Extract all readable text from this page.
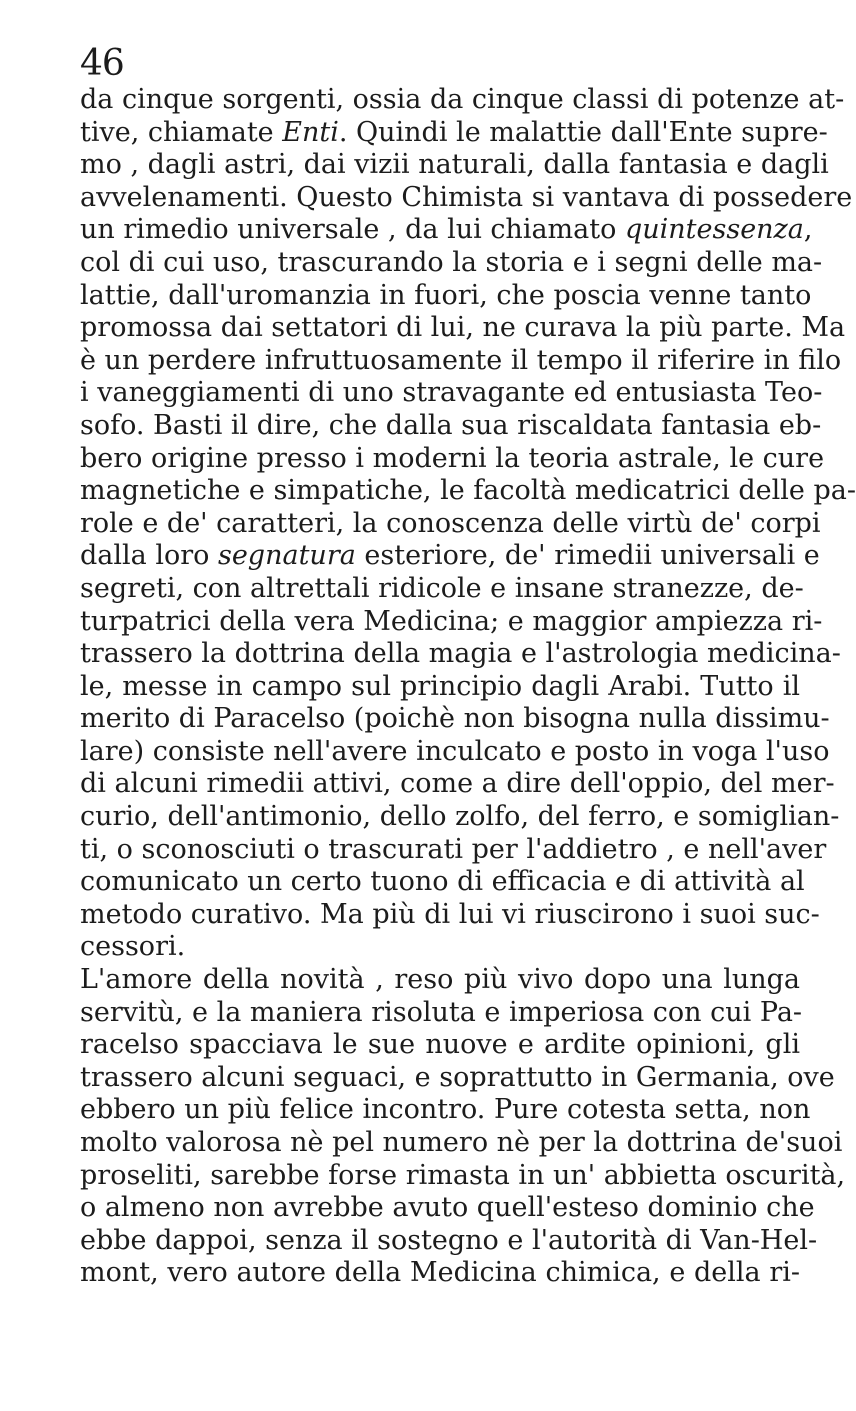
46
da cinque sorgenti, ossia da cinque classi di potenze at-
tive, chiamate Enti. Quindi le malattie dall'Ente supre-
mo , dagli astri, dai vizii naturali, dalla fantasia e dagli
avvelenamenti. Questo Chimista si vantava di possedere
un rimedio universale , da lui chiamato quintessenza,
col di cui uso, trascurando la storia e i segni delle ma-
lattie, dall'uromanzia in fuori, che poscia venne tanto
promossa dai settatori di lui, ne curava la più parte. Ma
è un perdere infruttuosamente il tempo il riferire in filo
i vaneggiamenti di uno stravagante ed entusiasta Teo-
sofo. Basti il dire, che dalla sua riscaldata fantasia eb-
bero origine presso i moderni la teoria astrale, le cure
magnetiche e simpatiche, le facoltà medicatrici delle pa-
role e de' caratteri, la conoscenza delle virtù de' corpi
dalla loro segnatura esteriore, de' rimedii universali e
segreti, con altrettali ridicole e insane stranezze, de-
turpatrici della vera Medicina; e maggior ampiezza ri-
trassero la dottrina della magia e l'astrologia medicina-
le, messe in campo sul principio dagli Arabi. Tutto il
merito di Paracelso (poichè non bisogna nulla dissimu-
lare) consiste nell'avere inculcato e posto in voga l'uso
di alcuni rimedii attivi, come a dire dell'oppio, del mer-
curio, dell'antimonio, dello zolfo, del ferro, e somiglian-
ti, o sconosciuti o trascurati per l'addietro , e nell'aver
comunicato un certo tuono di efficacia e di attività al
metodo curativo. Ma più di lui vi riuscirono i suoi suc-
cessori.
L'amore della novità , reso più vivo dopo una lunga
servitù, e la maniera risoluta e imperiosa con cui Pa-
racelso spacciava le sue nuove e ardite opinioni, gli
trassero alcuni seguaci, e soprattutto in Germania, ove
ebbero un più felice incontro. Pure cotesta setta, non
molto valorosa nè pel numero nè per la dottrina de'suoi
proseliti, sarebbe forse rimasta in un' abbietta oscurità,
o almeno non avrebbe avuto quell'esteso dominio che
ebbe dappoi, senza il sostegno e l'autorità di Van-Hel-
mont, vero autore della Medicina chimica, e della ri-
